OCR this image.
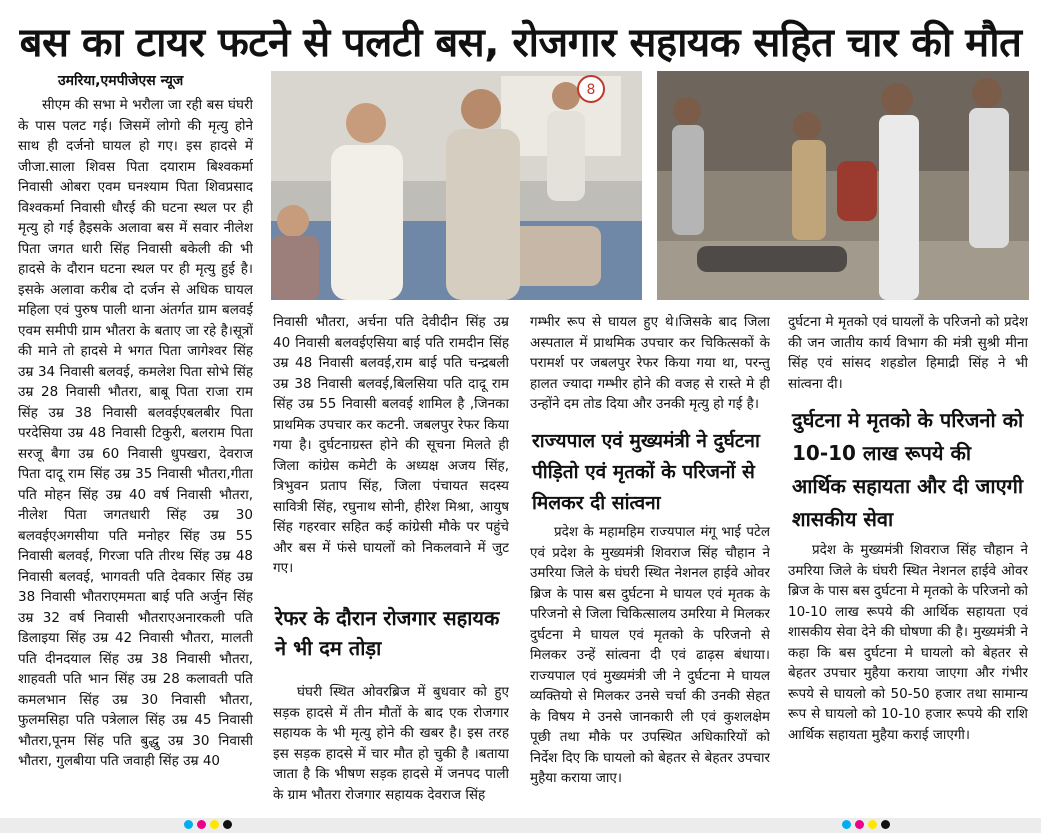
बस का टायर फटने से पलटी बस, रोजगार सहायक सहित चार की मौत
उमरिया,एमपीजेएस न्यूज

सीएम की सभा मे भरौला जा रही बस घंघरी के पास पलट गई। जिसमें लोगो की मृत्यु होने साथ ही दर्जनो घायल हो गए। इस हादसे में जीजा.साला शिवस पिता दयाराम बिश्वकर्मा निवासी ओबरा एवम घनश्याम पिता शिवप्रसाद विश्वकर्मा निवासी धौरई की घटना स्थल पर ही मृत्यु हो गई हैइसके अलावा बस में सवार नीलेश पिता जगत धारी सिंह निवासी बकेली की भी हादसे के दौरान घटना स्थल पर ही मृत्यु हुई है। इसके अलावा करीब दो दर्जन से अधिक घायल महिला एवं पुरुष पाली थाना अंतर्गत ग्राम बलवई एवम समीपी ग्राम भौतरा के बताए जा रहे है।सूत्रों की माने तो हादसे मे भगत पिता जागेश्वर सिंह उम्र 34 निवासी बलवई, कमलेश पिता सोभे सिंह उम्र 28 निवासी भौतरा, बाबू पिता राजा राम सिंह उम्र 38 निवासी बलवईएबलबीर पिता परदेसिया उम्र 48 निवासी टिकुरी, बलराम पिता सरजू बैगा उम्र 60 निवासी धुपखरा, देवराज पिता दादू राम सिंह उम्र 35 निवासी भौतरा,गीता पति मोहन सिंह उम्र 40 वर्ष निवासी भौतरा, नीलेश पिता जगतधारी सिंह उम्र 30 बलवईएअगसीया पति मनोहर सिंह उम्र 55 निवासी बलवई, गिरजा पति तीरथ सिंह उम्र 48 निवासी बलवई, भागवती पति देवकार सिंह उम्र 38 निवासी भौतराएममता बाई पति अर्जुन सिंह उम्र 32 वर्ष निवासी भौतराएअनारकली पति डिलाइया सिंह उम्र 42 निवासी भौतरा, मालती पति दीनदयाल सिंह उम्र 38 निवासी भौतरा, शाहवती पति भान सिंह उम्र 28 कलावती पति कमलभान सिंह उम्र 30 निवासी भौतरा, फुलमसिहा पति पत्रेलाल सिंह उम्र 45 निवासी भौतरा,पूनम सिंह पति बुद्धु उम्र 30 निवासी भौतरा, गुलबीया पति जवाही सिंह उम्र 40

8

निवासी भौतरा, अर्चना पति देवीदीन सिंह उम्र 40 निवासी बलवईएसिया बाई पति रामदीन सिंह उम्र 48 निवासी बलवई,राम बाई पति चन्द्रबली उम्र 38 निवासी बलवई,बिलसिया पति दादू राम सिंह उम्र 55 निवासी बलवई शामिल है ,जिनका प्राथमिक उपचार कर कटनी. जबलपुर रेफर किया गया है। दुर्घटनाग्रस्त होने की सूचना मिलते ही जिला कांग्रेस कमेटी के अध्यक्ष अजय सिंह, त्रिभुवन प्रताप सिंह, जिला पंचायत सदस्य सावित्री सिंह, रघुनाथ सोनी, हीरेश मिश्रा, आयुष सिंह गहरवार सहित कई कांग्रेसी मौके पर पहुंचे और बस में फंसे घायलों को निकलवाने में जुट गए।

रेफर के दौरान रोजगार सहायक ने भी दम तोड़ा

घंघरी स्थित ओवरब्रिज में बुधवार को हुए सड़क हादसे में तीन मौतों के बाद एक रोजगार सहायक के भी मृत्यु होने की खबर है। इस तरह इस सड़क हादसे में चार मौत हो चुकी है ।बताया जाता है कि भीषण सड़क हादसे में जनपद पाली के ग्राम भौतरा रोजगार सहायक देवराज सिंह

गम्भीर रूप से घायल हुए थे।जिसके बाद जिला अस्पताल में प्राथमिक उपचार कर चिकित्सकों के परामर्श पर जबलपुर रेफर किया गया था, परन्तु हालत ज्यादा गम्भीर होने की वजह से रास्ते मे ही उन्होंने दम तोड दिया और उनकी मृत्यु हो गई है।

राज्यपाल एवं मुख्यमंत्री ने दुर्घटना पीड़ितो एवं मृतकों के परिजनों से मिलकर दी सांत्वना

प्रदेश के महामहिम राज्यपाल मंगू भाई पटेल एवं प्रदेश के मुख्यमंत्री शिवराज सिंह चौहान ने उमरिया जिले के घंघरी स्थित नेशनल हाईवे ओवर ब्रिज के पास बस दुर्घटना मे घायल एवं मृतक के परिजनो से जिला चिकित्सालय उमरिया मे मिलकर दुर्घटना मे घायल एवं मृतको के परिजनो से मिलकर उन्हें सांत्वना दी एवं ढाढ़स बंधाया। राज्यपाल एवं मुख्यमंत्री जी ने दुर्घटना मे घायल व्यक्तियो से मिलकर उनसे चर्चा की उनकी सेहत के विषय मे उनसे जानकारी ली एवं कुशलक्षेम पूछी तथा मौके पर उपस्थित अधिकारियों को निर्देश दिए कि घायलो को बेहतर से बेहतर उपचार मुहैया कराया जाए।

दुर्घटना मे मृतको एवं घायलों के परिजनो को प्रदेश की जन जातीय कार्य विभाग की मंत्री सुश्री मीना सिंह एवं सांसद शहडोल हिमाद्री सिंह ने भी सांत्वना दी।

दुर्घटना मे मृतको के परिजनो को 10-10 लाख रूपये की आर्थिक सहायता और दी जाएगी शासकीय सेवा

प्रदेश के मुख्यमंत्री शिवराज सिंह चौहान ने उमरिया जिले के घंघरी स्थित नेशनल हाईवे ओवर ब्रिज के पास बस दुर्घटना मे मृतको के परिजनो को 10-10 लाख रूपये की आर्थिक सहायता एवं शासकीय सेवा देने की घोषणा की है। मुख्यमंत्री ने कहा कि बस दुर्घटना मे घायलो को बेहतर से बेहतर उपचार मुहैया कराया जाएगा और गंभीर रूपये से घायलो को 50-50 हजार तथा सामान्य रूप से घायलो को 10-10 हजार रूपये की राशि आर्थिक सहायता मुहैया कराई जाएगी।
